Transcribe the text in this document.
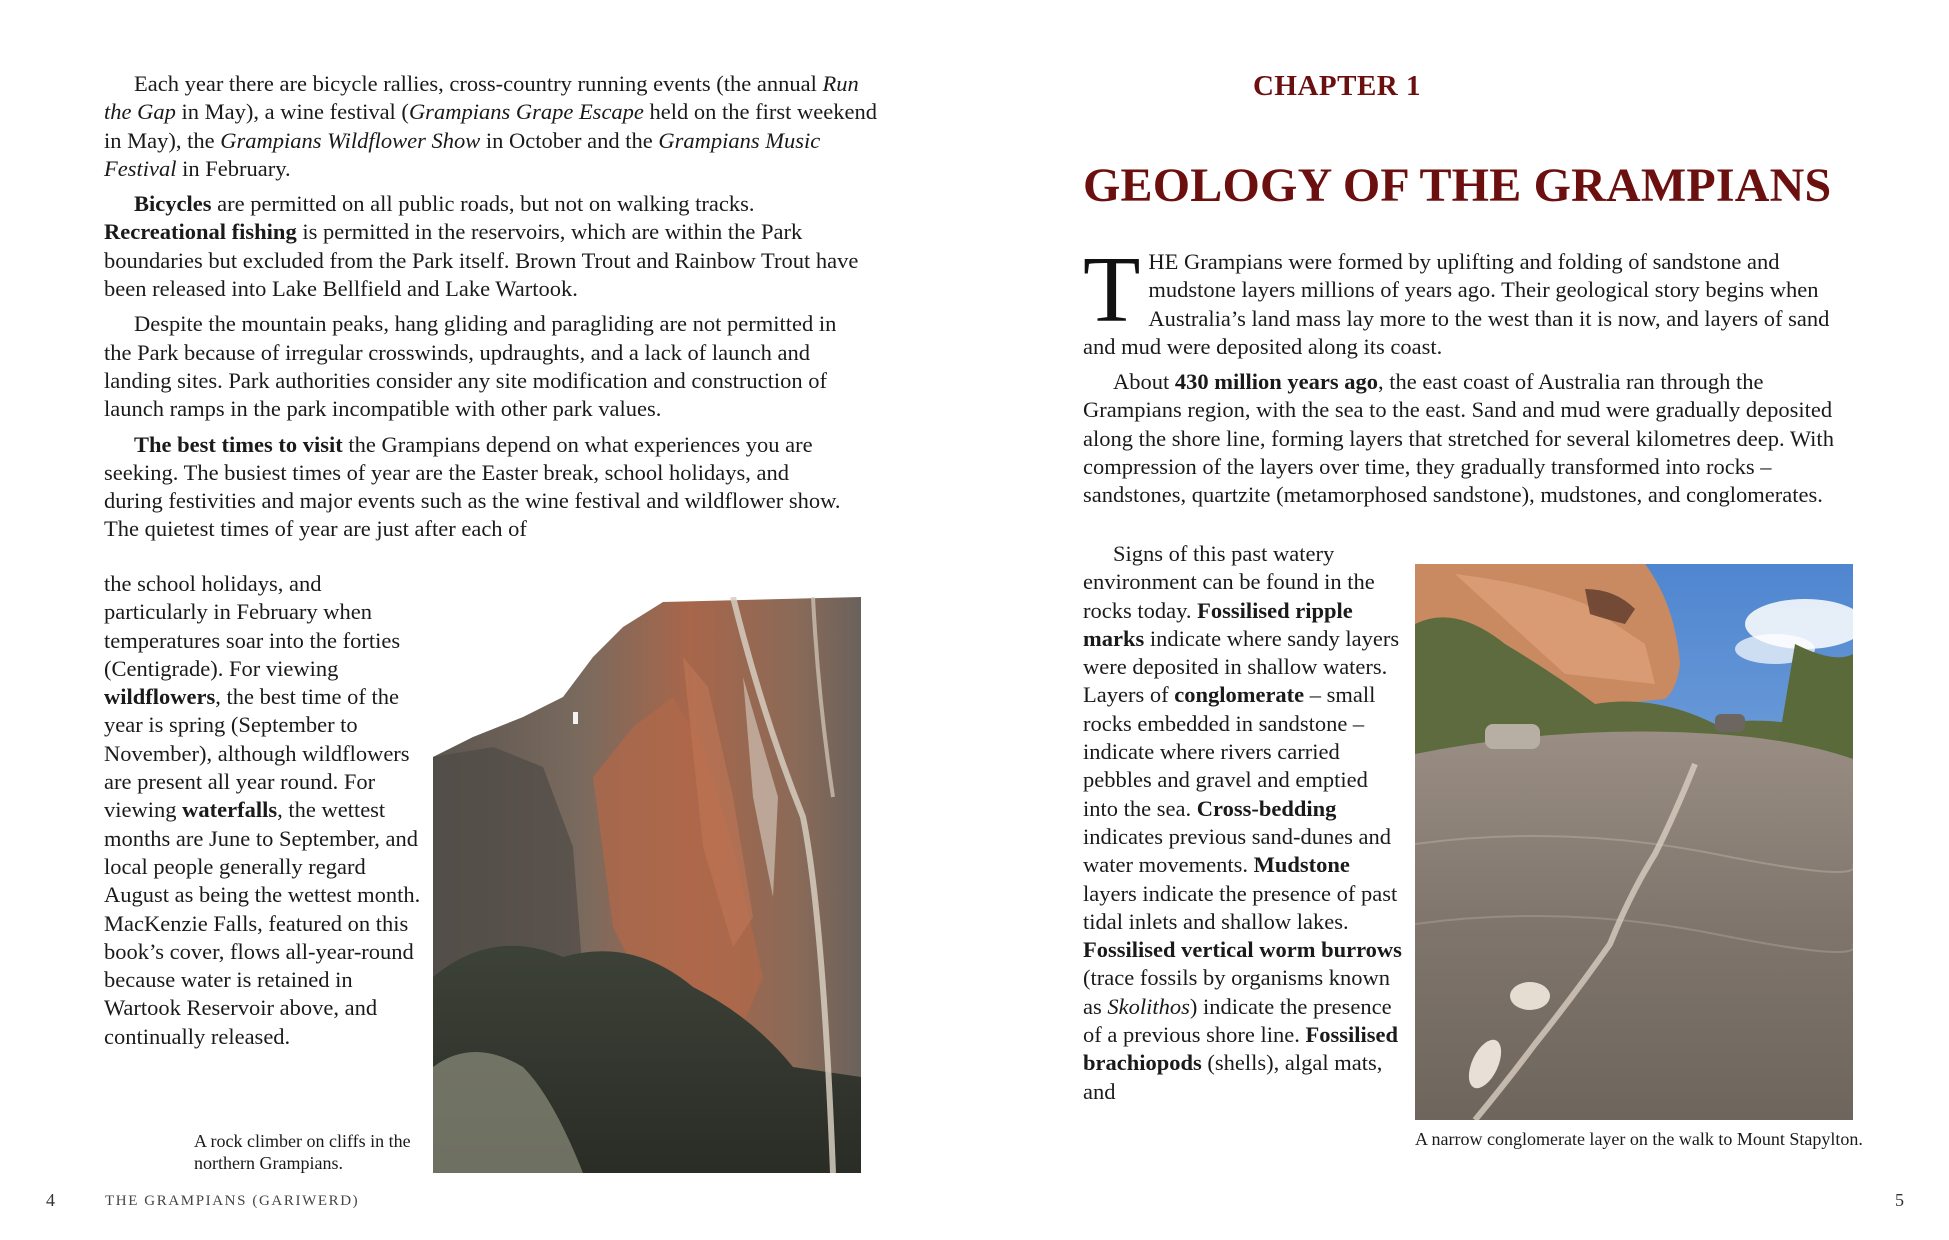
Each year there are bicycle rallies, cross-country running events (the annual Run the Gap in May), a wine festival (Grampians Grape Escape held on the first weekend in May), the Grampians Wildflower Show in October and the Grampians Music Festival in February.

Bicycles are permitted on all public roads, but not on walking tracks. Recreational fishing is permitted in the reservoirs, which are within the Park boundaries but excluded from the Park itself. Brown Trout and Rainbow Trout have been released into Lake Bellfield and Lake Wartook.

Despite the mountain peaks, hang gliding and paragliding are not permitted in the Park because of irregular crosswinds, updraughts, and a lack of launch and landing sites. Park authorities consider any site modification and construction of launch ramps in the park incompatible with other park values.

The best times to visit the Grampians depend on what experiences you are seeking. The busiest times of year are the Easter break, school holidays, and during festivities and major events such as the wine festival and wildflower show. The quietest times of year are just after each of

the school holidays, and particularly in February when temperatures soar into the forties (Centigrade). For viewing wildflowers, the best time of the year is spring (September to November), although wildflowers are present all year round. For viewing waterfalls, the wettest months are June to September, and local people generally regard August as being the wettest month. MacKenzie Falls, featured on this book’s cover, flows all-year-round because water is retained in Wartook Reservoir above, and continually released.

A rock climber on cliffs in the northern Grampians.
4	THE GRAMPIANS (GARIWERD)
CHAPTER 1
GEOLOGY OF THE GRAMPIANS

THE Grampians were formed by uplifting and folding of sandstone and mudstone layers millions of years ago. Their geological story begins when Australia’s land mass lay more to the west than it is now, and layers of sand and mud were deposited along its coast.

About 430 million years ago, the east coast of Australia ran through the Grampians region, with the sea to the east. Sand and mud were gradually deposited along the shore line, forming layers that stretched for several kilometres deep. With compression of the layers over time, they gradually transformed into rocks – sandstones, quartzite (metamorphosed sandstone), mudstones, and conglomerates.

Signs of this past watery environment can be found in the rocks today. Fossilised ripple marks indicate where sandy layers were deposited in shallow waters. Layers of conglomerate – small rocks embedded in sandstone – indicate where rivers carried pebbles and gravel and emptied into the sea. Cross-bedding indicates previous sand-dunes and water movements. Mudstone layers indicate the presence of past tidal inlets and shallow lakes. Fossilised vertical worm burrows (trace fossils by organisms known as Skolithos) indicate the presence of a previous shore line. Fossilised brachiopods (shells), algal mats, and

5
A narrow conglomerate layer on the walk to Mount Stapylton.
